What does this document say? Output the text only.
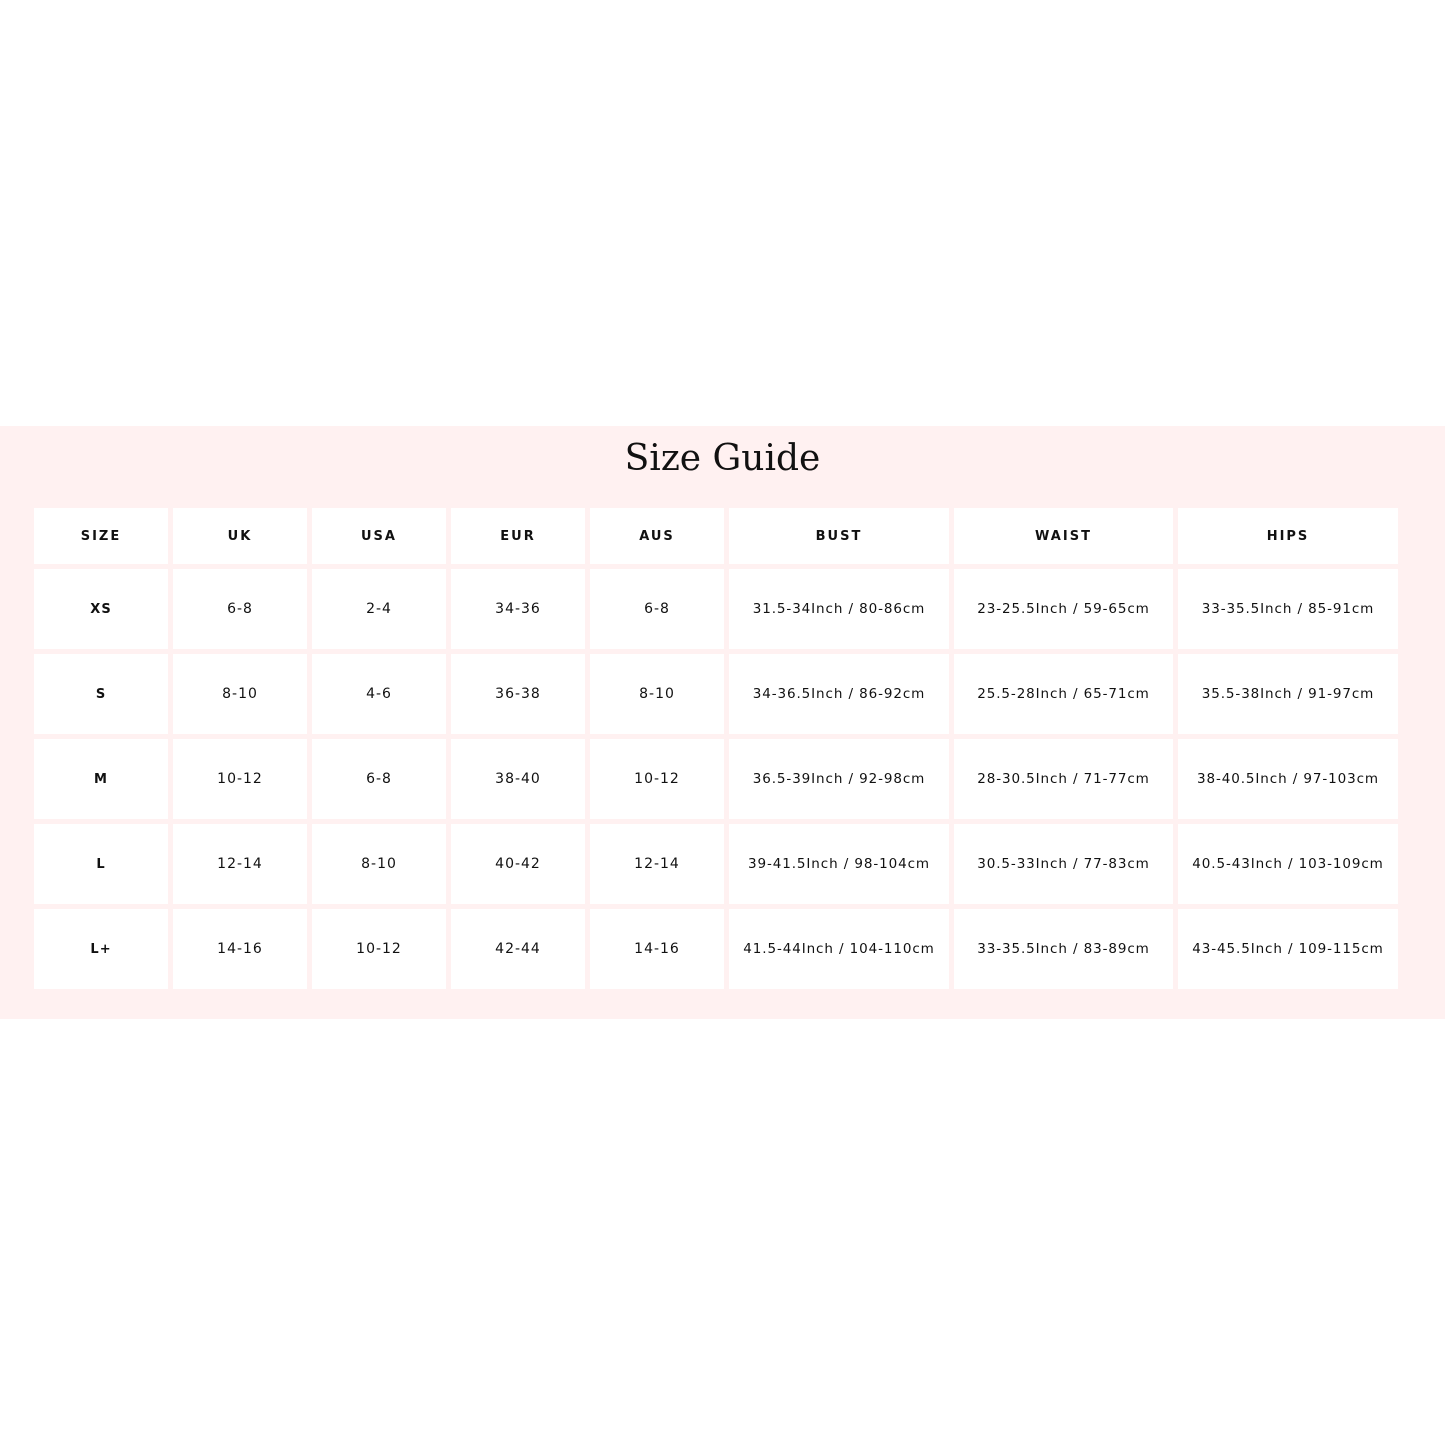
Size Guide
SIZE	UK	USA	EUR	AUS	BUST	WAIST	HIPS
XS	6-8	2-4	34-36	6-8	31.5-34Inch / 80-86cm	23-25.5Inch / 59-65cm	33-35.5Inch / 85-91cm
S	8-10	4-6	36-38	8-10	34-36.5Inch / 86-92cm	25.5-28Inch / 65-71cm	35.5-38Inch / 91-97cm
M	10-12	6-8	38-40	10-12	36.5-39Inch / 92-98cm	28-30.5Inch / 71-77cm	38-40.5Inch / 97-103cm
L	12-14	8-10	40-42	12-14	39-41.5Inch / 98-104cm	30.5-33Inch / 77-83cm	40.5-43Inch / 103-109cm
L+	14-16	10-12	42-44	14-16	41.5-44Inch / 104-110cm	33-35.5Inch / 83-89cm	43-45.5Inch / 109-115cm
